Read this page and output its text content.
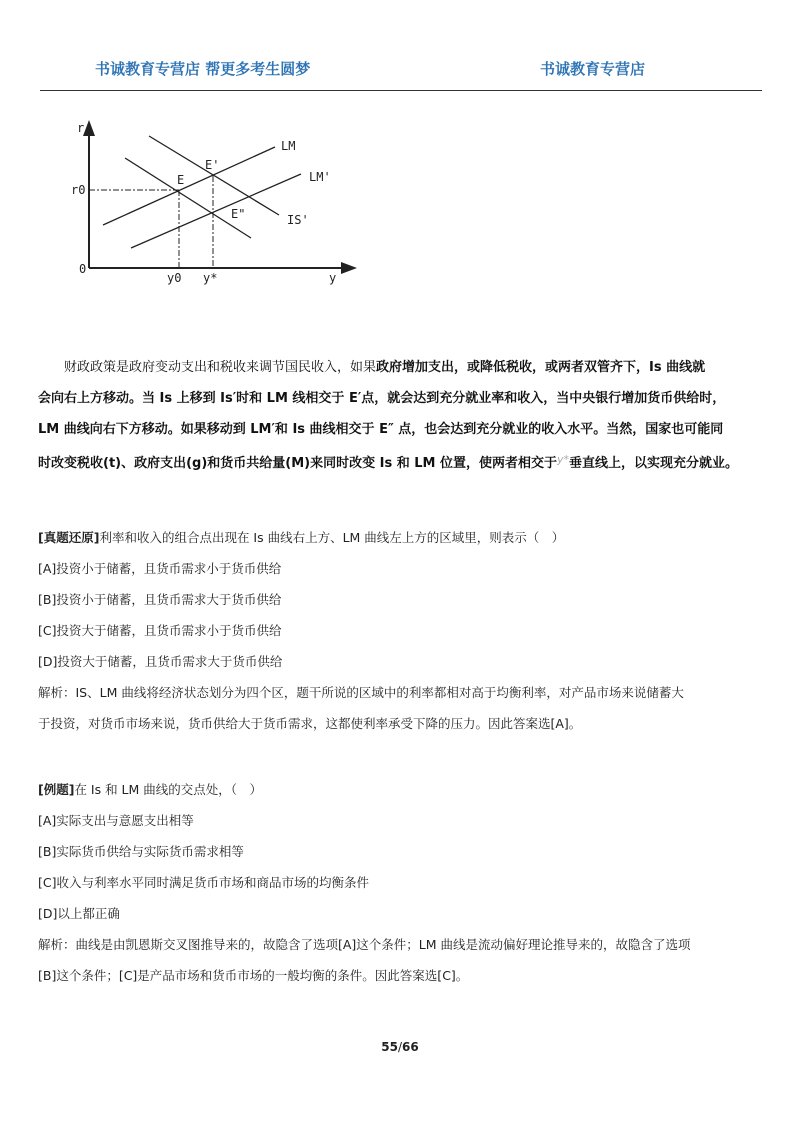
书诚教育专营店 帮更多考生圆梦	书诚教育专营店
r
y
0
r0
y0 y*
E
E'
E"
LM
LM'
IS'
财政政策是政府变动支出和税收来调节国民收入，如果政府增加支出，或降低税收，或两者双管齐下，Is 曲线就
会向右上方移动。当 Is 上移到 Is′时和 LM 线相交于 E′点，就会达到充分就业率和收入，当中央银行增加货币供给时，
LM 曲线向右下方移动。如果移动到 LM′和 Is 曲线相交于 E″ 点，也会达到充分就业的收入水平。当然，国家也可能同
时改变税收(t)、政府支出(g)和货币共给量(M)来同时改变 Is 和 LM 位置，使两者相交于$^{y*}$垂直线上，以实现充分就业。
[真题还原]利率和收入的组合点出现在 Is 曲线右上方、LM 曲线左上方的区域里，则表示（　）
[A]投资小于储蓄，且货币需求小于货币供给
[B]投资小于储蓄，且货币需求大于货币供给
[C]投资大于储蓄，且货币需求小于货币供给
[D]投资大于储蓄，且货币需求大于货币供给
解析：IS、LM 曲线将经济状态划分为四个区，题干所说的区域中的利率都相对高于均衡利率，对产品市场来说储蓄大
于投资，对货币市场来说，货币供给大于货币需求，这都使利率承受下降的压力。因此答案选[A]。
[例题]在 Is 和 LM 曲线的交点处，（　）
[A]实际支出与意愿支出相等
[B]实际货币供给与实际货币需求相等
[C]收入与利率水平同时满足货币市场和商品市场的均衡条件
[D]以上都正确
解析：曲线是由凯恩斯交叉图推导来的，故隐含了选项[A]这个条件；LM 曲线是流动偏好理论推导来的，故隐含了选项
[B]这个条件；[C]是产品市场和货币市场的一般均衡的条件。因此答案选[C]。
55/66
